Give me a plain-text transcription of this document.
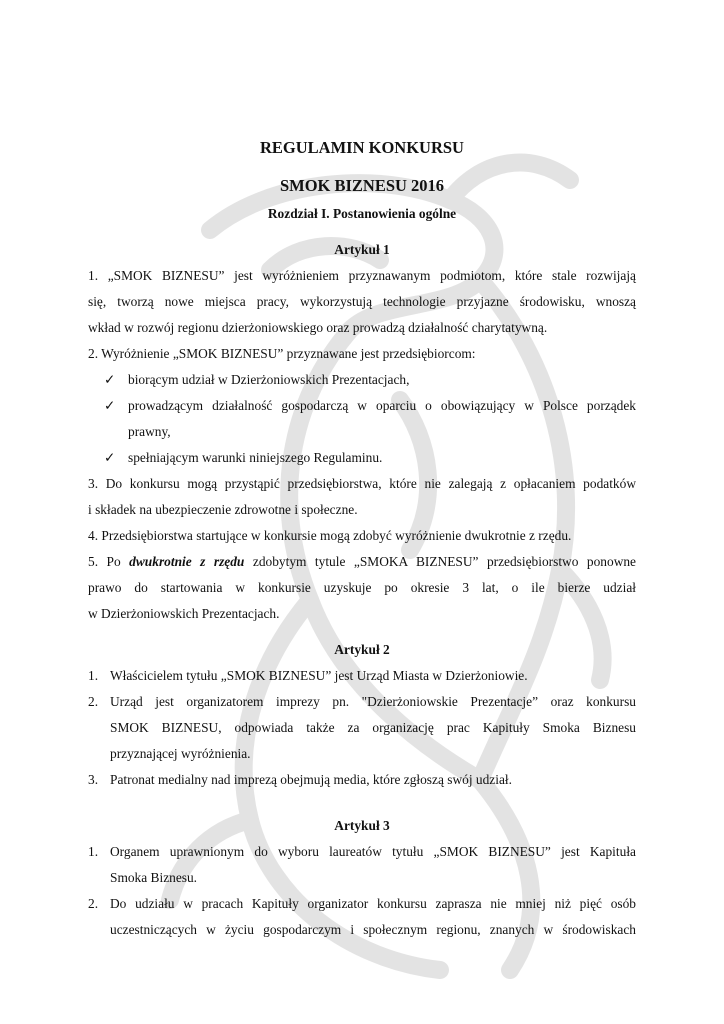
REGULAMIN KONKURSU
SMOK BIZNESU 2016
Rozdział I. Postanowienia ogólne
Artykuł 1
1. „SMOK BIZNESU” jest wyróżnieniem przyznawanym podmiotom, które stale rozwijają
się, tworzą nowe miejsca pracy, wykorzystują technologie przyjazne środowisku, wnoszą
wkład w rozwój regionu dzierżoniowskiego oraz prowadzą działalność charytatywną.
2. Wyróżnienie „SMOK BIZNESU” przyznawane jest przedsiębiorcom:
✓ biorącym udział w Dzierżoniowskich Prezentacjach,
✓ prowadzącym działalność gospodarczą w oparciu o obowiązujący w Polsce porządek
prawny,
✓ spełniającym warunki niniejszego Regulaminu.
3. Do konkursu mogą przystąpić przedsiębiorstwa, które nie zalegają z opłacaniem podatków
i składek na ubezpieczenie zdrowotne i społeczne.
4. Przedsiębiorstwa startujące w konkursie mogą zdobyć wyróżnienie dwukrotnie z rzędu.
5. Po dwukrotnie z rzędu zdobytym tytule „SMOKA BIZNESU” przedsiębiorstwo ponowne
prawo do startowania w konkursie uzyskuje po okresie 3 lat, o ile bierze udział
w Dzierżoniowskich Prezentacjach.
Artykuł 2
1. Właścicielem tytułu „SMOK BIZNESU” jest Urząd Miasta w Dzierżoniowie.
2. Urząd jest organizatorem imprezy pn. "Dzierżoniowskie Prezentacje” oraz konkursu
SMOK BIZNESU, odpowiada także za organizację prac Kapituły Smoka Biznesu
przyznającej wyróżnienia.
3. Patronat medialny nad imprezą obejmują media, które zgłoszą swój udział.
Artykuł 3
1. Organem uprawnionym do wyboru laureatów tytułu „SMOK BIZNESU” jest Kapituła
Smoka Biznesu.
2. Do udziału w pracach Kapituły organizator konkursu zaprasza nie mniej niż pięć osób
uczestniczących w życiu gospodarczym i społecznym regionu, znanych w środowiskach
